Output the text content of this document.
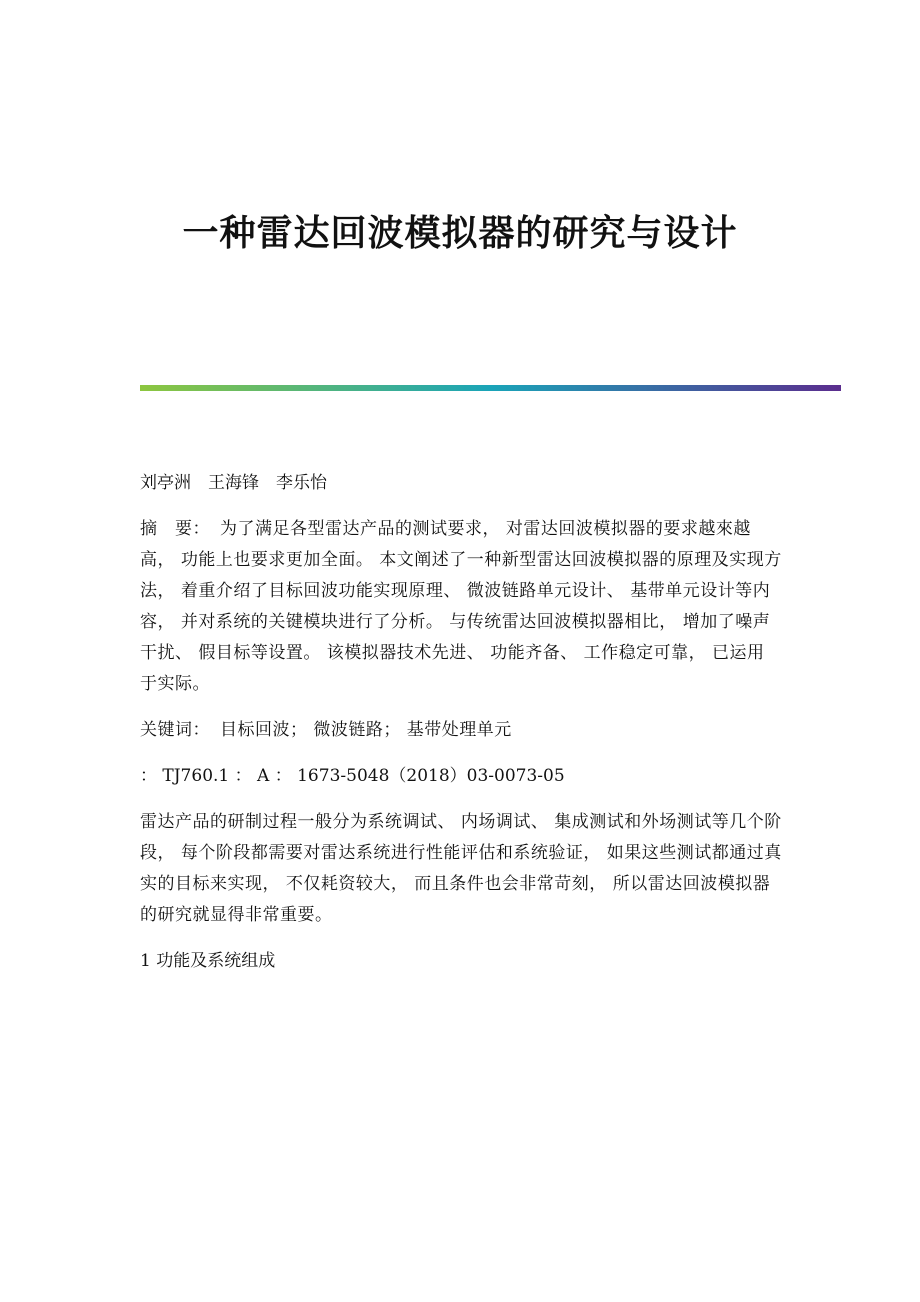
一种雷达回波模拟器的研究与设计

刘亭洲　王海锋　李乐怡

摘　要： 为了满足各型雷达产品的测试要求， 对雷达回波模拟器的要求越來越高， 功能上也要求更加全面。 本文阐述了一种新型雷达回波模拟器的原理及实现方法， 着重介绍了目标回波功能实现原理、 微波链路单元设计、 基带单元设计等内容， 并对系统的关键模块进行了分析。 与传统雷达回波模拟器相比， 增加了噪声干扰、 假目标等设置。 该模拟器技术先进、 功能齐备、 工作稳定可靠， 已运用于实际。

关键词： 目标回波； 微波链路； 基带处理单元

： TJ760.1 ： A ： 1673-5048（2018）03-0073-05

雷达产品的研制过程一般分为系统调试、 内场调试、 集成测试和外场测试等几个阶段， 每个阶段都需要对雷达系统进行性能评估和系统验证， 如果这些测试都通过真实的目标来实现， 不仅耗资较大， 而且条件也会非常苛刻， 所以雷达回波模拟器的研究就显得非常重要。

1 功能及系统组成
